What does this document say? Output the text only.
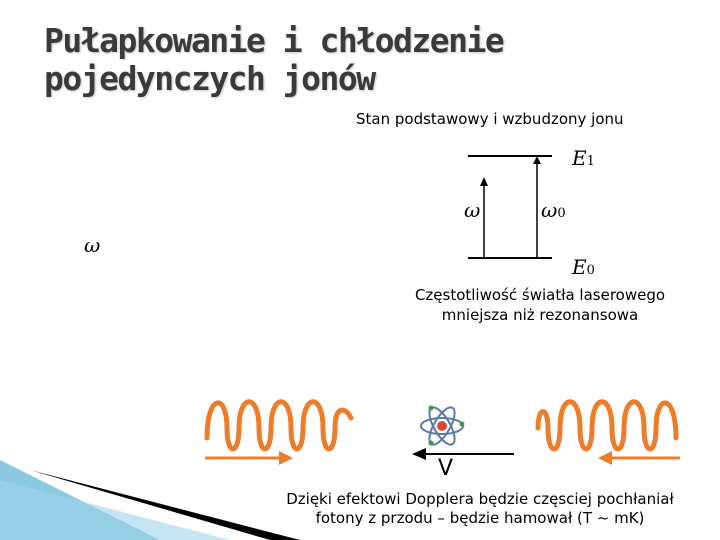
Pułapkowanie i chłodzenie
pojedynczych jonów
Stan podstawowy i wzbudzony jonu
E1
E0
ω	ω0
ω
Częstotliwość światła laserowego
mniejsza niż rezonansowa
V
Dzięki efektowi Dopplera będzie częsciej pochłaniał
fotony z przodu – będzie hamował (T ~ mK)
